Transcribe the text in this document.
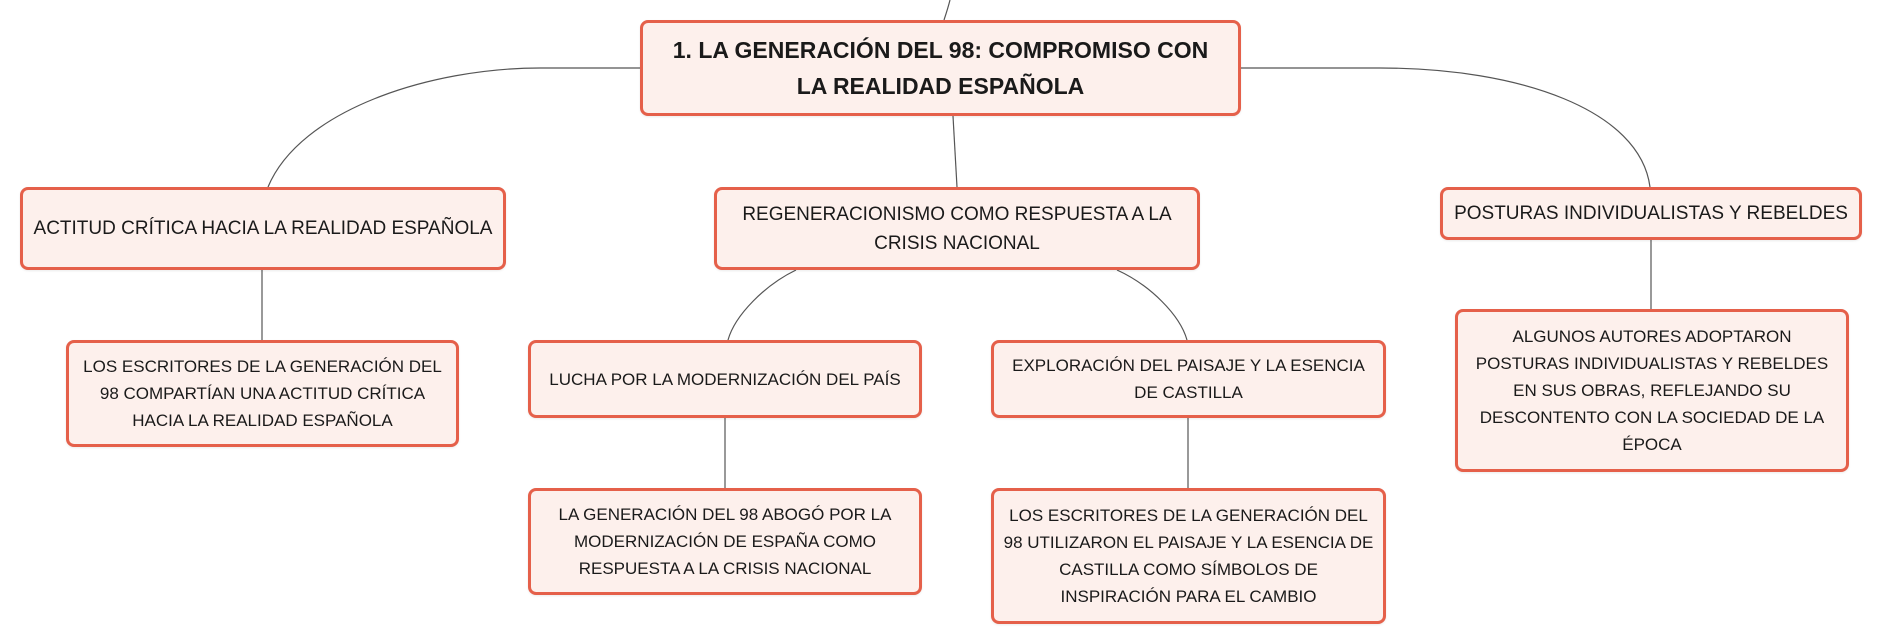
1. LA GENERACIÓN DEL 98: COMPROMISO CON LA REALIDAD ESPAÑOLA
ACTITUD CRÍTICA HACIA LA REALIDAD ESPAÑOLA
REGENERACIONISMO COMO RESPUESTA A LA CRISIS NACIONAL
POSTURAS INDIVIDUALISTAS Y REBELDES
LOS ESCRITORES DE LA GENERACIÓN DEL 98 COMPARTÍAN UNA ACTITUD CRÍTICA HACIA LA REALIDAD ESPAÑOLA
LUCHA POR LA MODERNIZACIÓN DEL PAÍS
EXPLORACIÓN DEL PAISAJE Y LA ESENCIA DE CASTILLA
ALGUNOS AUTORES ADOPTARON POSTURAS INDIVIDUALISTAS Y REBELDES EN SUS OBRAS, REFLEJANDO SU DESCONTENTO CON LA SOCIEDAD DE LA ÉPOCA
LA GENERACIÓN DEL 98 ABOGÓ POR LA MODERNIZACIÓN DE ESPAÑA COMO RESPUESTA A LA CRISIS NACIONAL
LOS ESCRITORES DE LA GENERACIÓN DEL 98 UTILIZARON EL PAISAJE Y LA ESENCIA DE CASTILLA COMO SÍMBOLOS DE INSPIRACIÓN PARA EL CAMBIO
